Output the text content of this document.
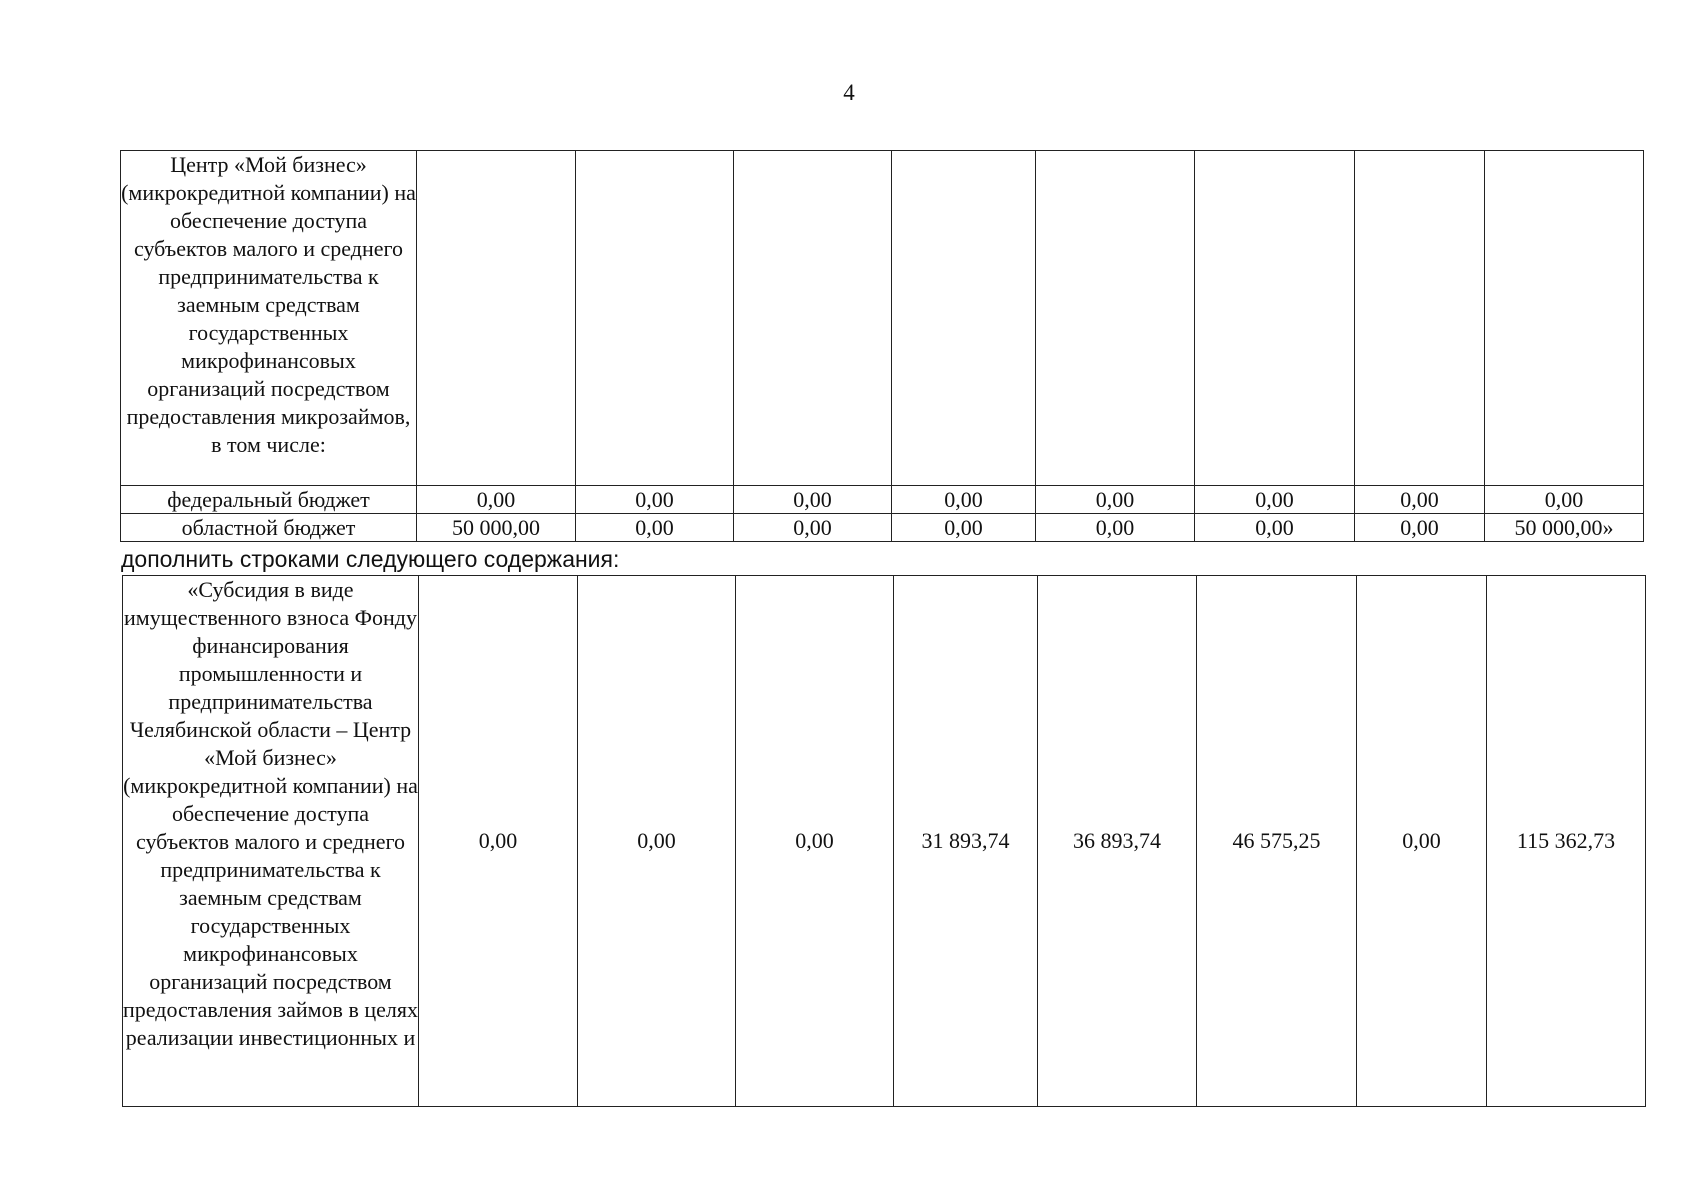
4
Центр «Мой бизнес» (микрокредитной компании) на обеспечение доступа субъектов малого и среднего предпринимательства к заемным средствам государственных микрофинансовых организаций посредством предоставления микрозаймов, в том числе:								
федеральный бюджет	0,00	0,00	0,00	0,00	0,00	0,00	0,00	0,00
областной бюджет	50 000,00	0,00	0,00	0,00	0,00	0,00	0,00	50 000,00»
дополнить строками следующего содержания:
«Субсидия в виде имущественного взноса Фонду финансирования промышленности и предпринимательства Челябинской области – Центр «Мой бизнес» (микрокредитной компании) на обеспечение доступа субъектов малого и среднего предпринимательства к заемным средствам государственных микрофинансовых организаций посредством предоставления займов в целях реализации инвестиционных и	0,00	0,00	0,00	31 893,74	36 893,74	46 575,25	0,00	115 362,73
